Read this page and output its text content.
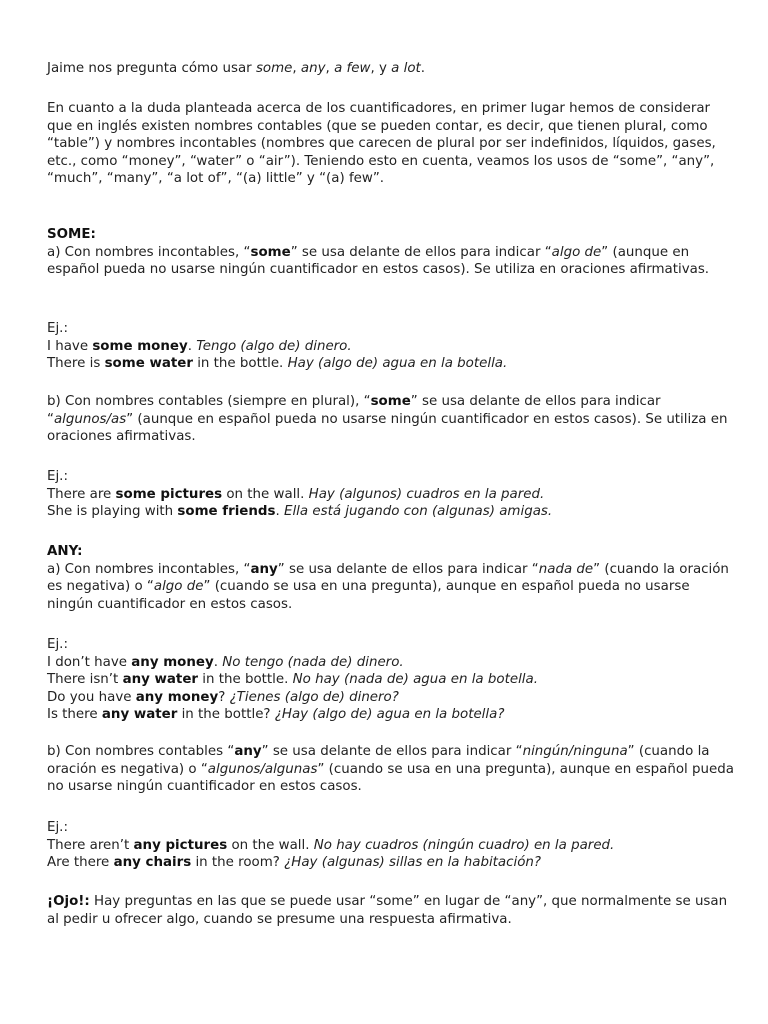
Jaime nos pregunta cómo usar some, any, a few, y a lot.

En cuanto a la duda planteada acerca de los cuantificadores, en primer lugar hemos de considerar que en inglés existen nombres contables (que se pueden contar, es decir, que tienen plural, como “table”) y nombres incontables (nombres que carecen de plural por ser indefinidos, líquidos, gases, etc., como “money”, “water” o “air”). Teniendo esto en cuenta, veamos los usos de “some”, “any”, “much”, “many”, “a lot of”, “(a) little” y “(a) few”.

SOME:

a) Con nombres incontables, “some” se usa delante de ellos para indicar “algo de” (aunque en español pueda no usarse ningún cuantificador en estos casos). Se utiliza en oraciones afirmativas.

Ej.:

I have some money. Tengo (algo de) dinero.

There is some water in the bottle. Hay (algo de) agua en la botella.

b) Con nombres contables (siempre en plural), “some” se usa delante de ellos para indicar “algunos/as” (aunque en español pueda no usarse ningún cuantificador en estos casos). Se utiliza en oraciones afirmativas.

Ej.:

There are some pictures on the wall. Hay (algunos) cuadros en la pared.

She is playing with some friends. Ella está jugando con (algunas) amigas.

ANY:

a) Con nombres incontables, “any” se usa delante de ellos para indicar “nada de” (cuando la oración es negativa) o “algo de” (cuando se usa en una pregunta), aunque en español pueda no usarse ningún cuantificador en estos casos.

Ej.:

I don’t have any money. No tengo (nada de) dinero.

There isn’t any water in the bottle. No hay (nada de) agua en la botella.

Do you have any money? ¿Tienes (algo de) dinero?

Is there any water in the bottle? ¿Hay (algo de) agua en la botella?

b) Con nombres contables “any” se usa delante de ellos para indicar “ningún/ninguna” (cuando la oración es negativa) o “algunos/algunas” (cuando se usa en una pregunta), aunque en español pueda no usarse ningún cuantificador en estos casos.

Ej.:

There aren’t any pictures on the wall. No hay cuadros (ningún cuadro) en la pared.

Are there any chairs in the room? ¿Hay (algunas) sillas en la habitación?

¡Ojo!: Hay preguntas en las que se puede usar “some” en lugar de “any”, que normalmente se usan al pedir u ofrecer algo, cuando se presume una respuesta afirmativa.
